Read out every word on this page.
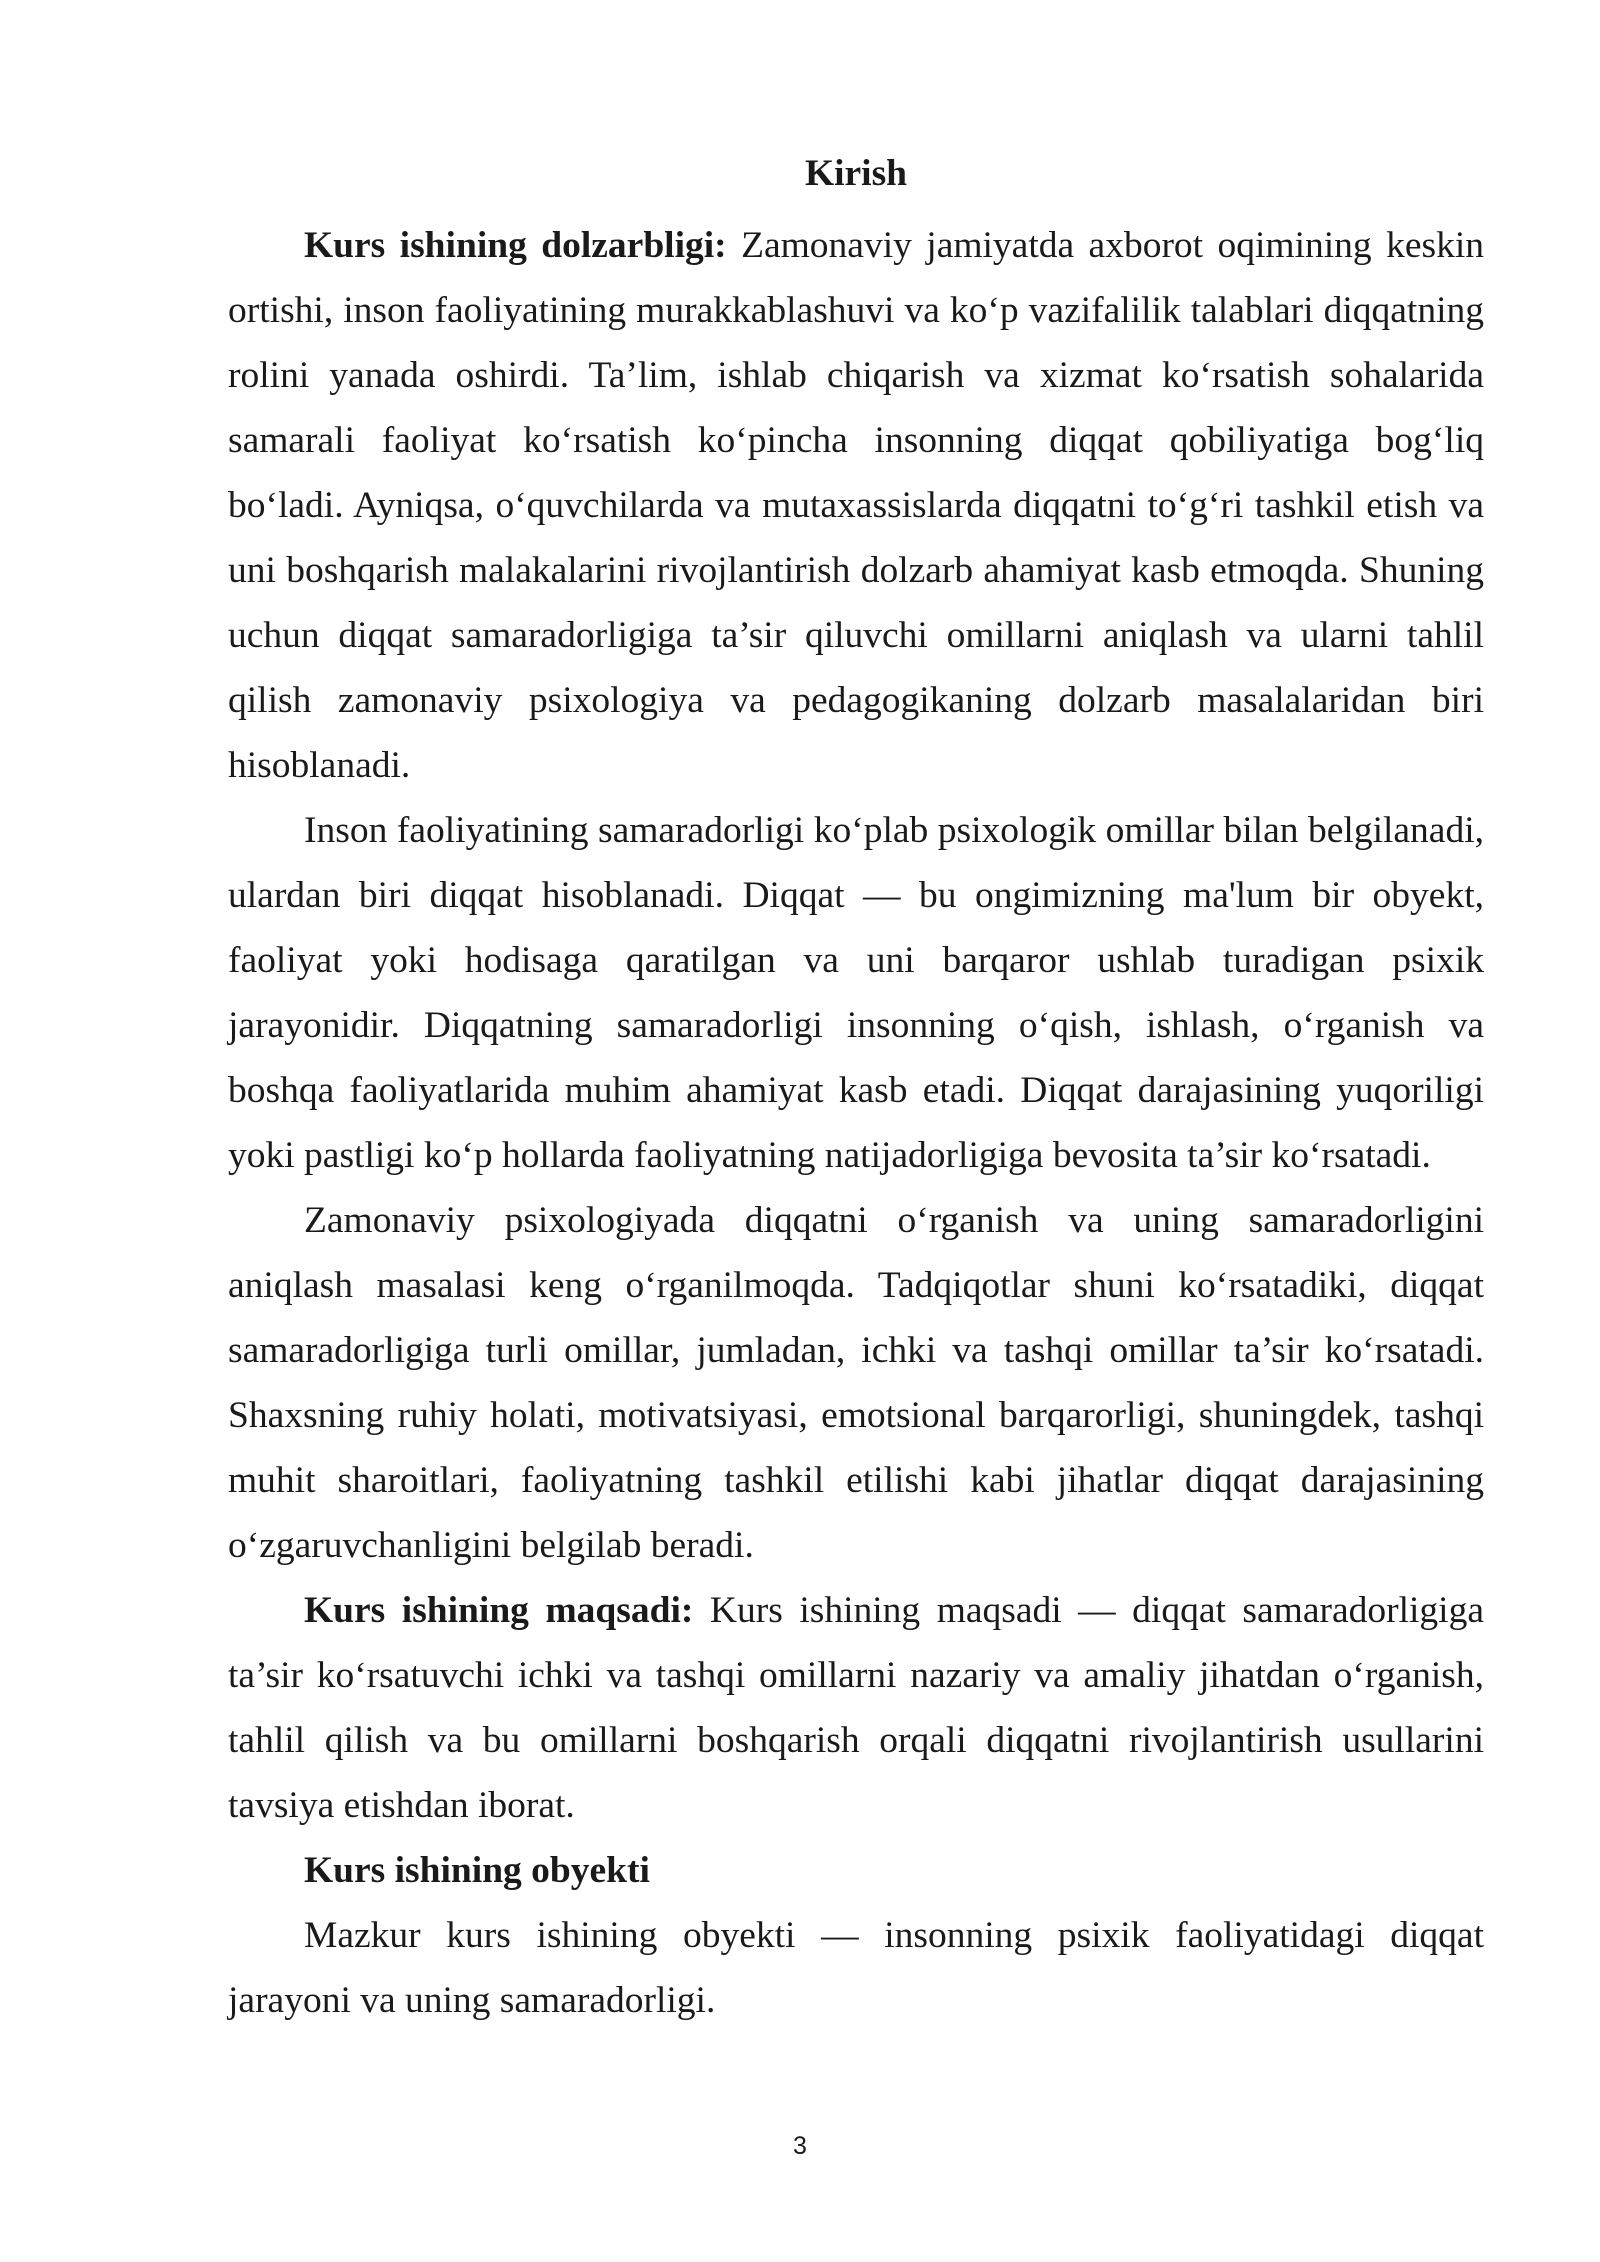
Kirish

Kurs ishining dolzarbligi: Zamonaviy jamiyatda axborot oqimining keskin ortishi, inson faoliyatining murakkablashuvi va ko‘p vazifalilik talablari diqqatning rolini yanada oshirdi. Ta’lim, ishlab chiqarish va xizmat ko‘rsatish sohalarida samarali faoliyat ko‘rsatish ko‘pincha insonning diqqat qobiliyatiga bog‘liq bo‘ladi. Ayniqsa, o‘quvchilarda va mutaxassislarda diqqatni to‘g‘ri tashkil etish va uni boshqarish malakalarini rivojlantirish dolzarb ahamiyat kasb etmoqda. Shuning uchun diqqat samaradorligiga ta’sir qiluvchi omillarni aniqlash va ularni tahlil qilish zamonaviy psixologiya va pedagogikaning dolzarb masalalaridan biri hisoblanadi.

Inson faoliyatining samaradorligi ko‘plab psixologik omillar bilan belgilanadi, ulardan biri diqqat hisoblanadi. Diqqat — bu ongimizning ma'lum bir obyekt, faoliyat yoki hodisaga qaratilgan va uni barqaror ushlab turadigan psixik jarayonidir. Diqqatning samaradorligi insonning o‘qish, ishlash, o‘rganish va boshqa faoliyatlarida muhim ahamiyat kasb etadi. Diqqat darajasining yuqoriligi yoki pastligi ko‘p hollarda faoliyatning natijadorligiga bevosita ta’sir ko‘rsatadi.

Zamonaviy psixologiyada diqqatni o‘rganish va uning samaradorligini aniqlash masalasi keng o‘rganilmoqda. Tadqiqotlar shuni ko‘rsatadiki, diqqat samaradorligiga turli omillar, jumladan, ichki va tashqi omillar ta’sir ko‘rsatadi. Shaxsning ruhiy holati, motivatsiyasi, emotsional barqarorligi, shuningdek, tashqi muhit sharoitlari, faoliyatning tashkil etilishi kabi jihatlar diqqat darajasining o‘zgaruvchanligini belgilab beradi.

Kurs ishining maqsadi: Kurs ishining maqsadi — diqqat samaradorligiga ta’sir ko‘rsatuvchi ichki va tashqi omillarni nazariy va amaliy jihatdan o‘rganish, tahlil qilish va bu omillarni boshqarish orqali diqqatni rivojlantirish usullarini tavsiya etishdan iborat.

Kurs ishining obyekti

Mazkur kurs ishining obyekti — insonning psixik faoliyatidagi diqqat jarayoni va uning samaradorligi.

3
